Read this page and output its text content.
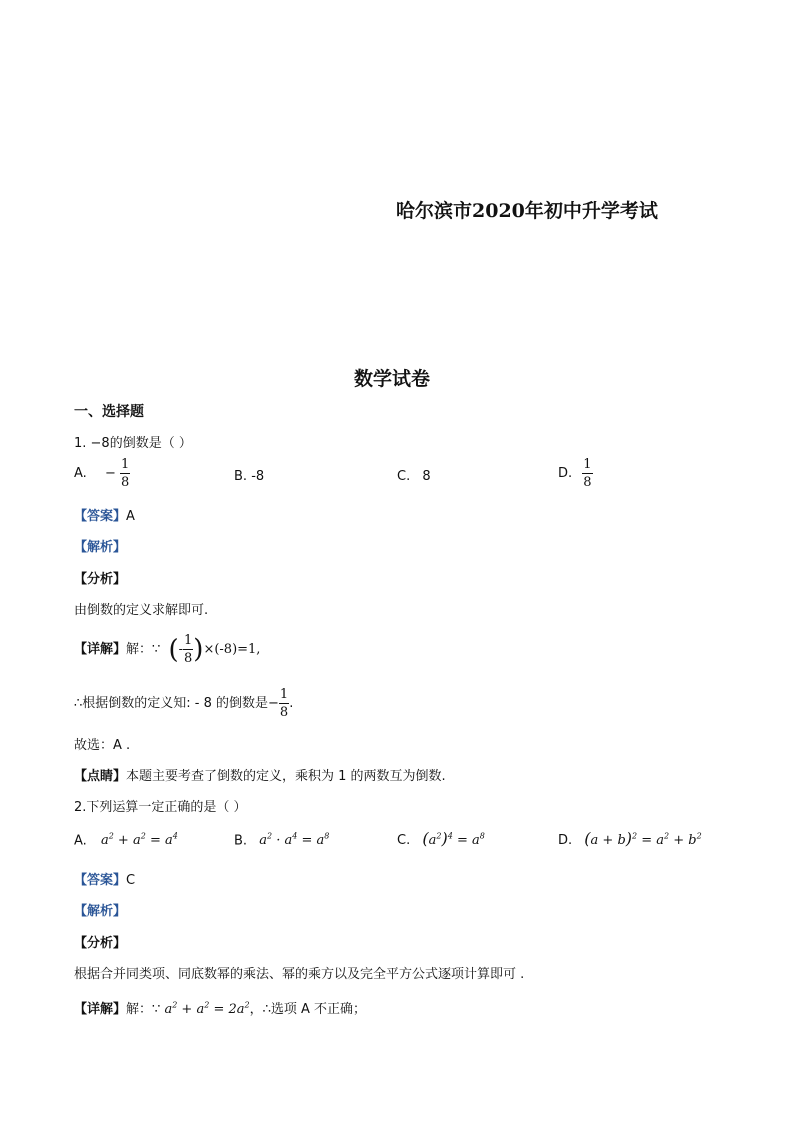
哈尔滨市2020年初中升学考试
数学试卷
一、选择题
1. −8的倒数是（ ）
A. − $\frac{1}{8}$	B. -8	C. 8	D. $\frac{1}{8}$
【答案】A
【解析】
【分析】
由倒数的定义求解即可.
【详解】解：∵ (- $\frac{1}{8} )\times(-8)=1$,
∴根据倒数的定义知: - 8 的倒数是− $\frac{1}{8}$ .
故选：A .
【点睛】本题主要考查了倒数的定义，乘积为 1 的两数互为倒数.
2.下列运算一定正确的是（ ）
A. $a^2 + a^2 = a^4$	B. $a^2 \cdot a^4 = a^8$	C. $(a^2)^4 = a^8$	D. $(a + b)^2 = a^2 + b^2$
【答案】C
【解析】
【分析】
根据合并同类项、同底数幂的乘法、幂的乘方以及完全平方公式逐项计算即可 .
【详解】解：∵ $a^2 + a^2 = 2a^2$，∴选项 A 不正确；
